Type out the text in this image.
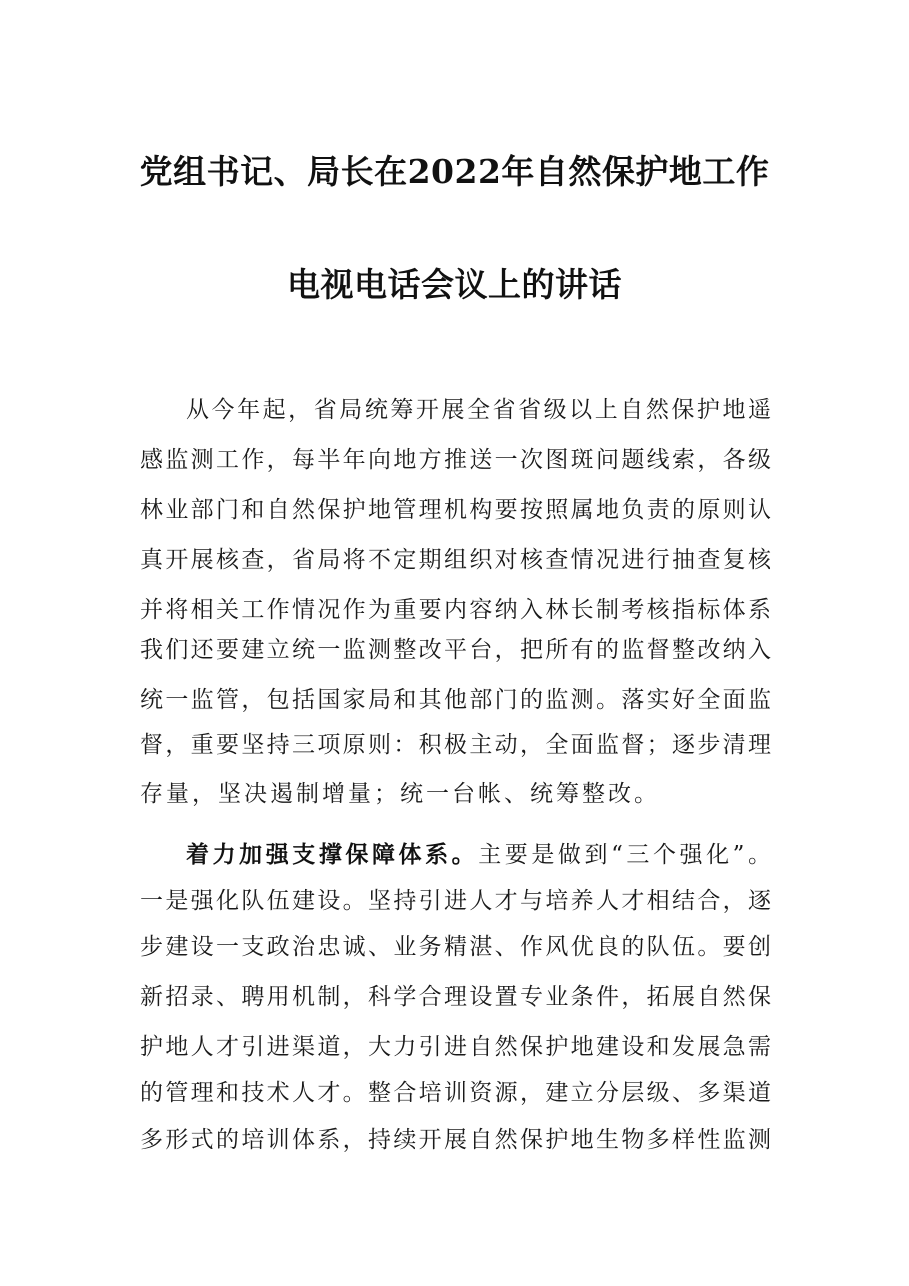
党组书记、局长在2022年自然保护地工作
电视电话会议上的讲话
从今年起，省局统筹开展全省省级以上自然保护地遥
感监测工作，每半年向地方推送一次图斑问题线索，各级
林业部门和自然保护地管理机构要按照属地负责的原则认
真开展核查，省局将不定期组织对核查情况进行抽查复核
并将相关工作情况作为重要内容纳入林长制考核指标体系
我们还要建立统一监测整改平台，把所有的监督整改纳入
统一监管，包括国家局和其他部门的监测。落实好全面监
督，重要坚持三项原则：积极主动，全面监督；逐步清理
存量，坚决遏制增量；统一台帐、统筹整改。
着力加强支撑保障体系。主要是做到“三个强化”。
一是强化队伍建设。坚持引进人才与培养人才相结合，逐
步建设一支政治忠诚、业务精湛、作风优良的队伍。要创
新招录、聘用机制，科学合理设置专业条件，拓展自然保
护地人才引进渠道，大力引进自然保护地建设和发展急需
的管理和技术人才。整合培训资源，建立分层级、多渠道
多形式的培训体系，持续开展自然保护地生物多样性监测
